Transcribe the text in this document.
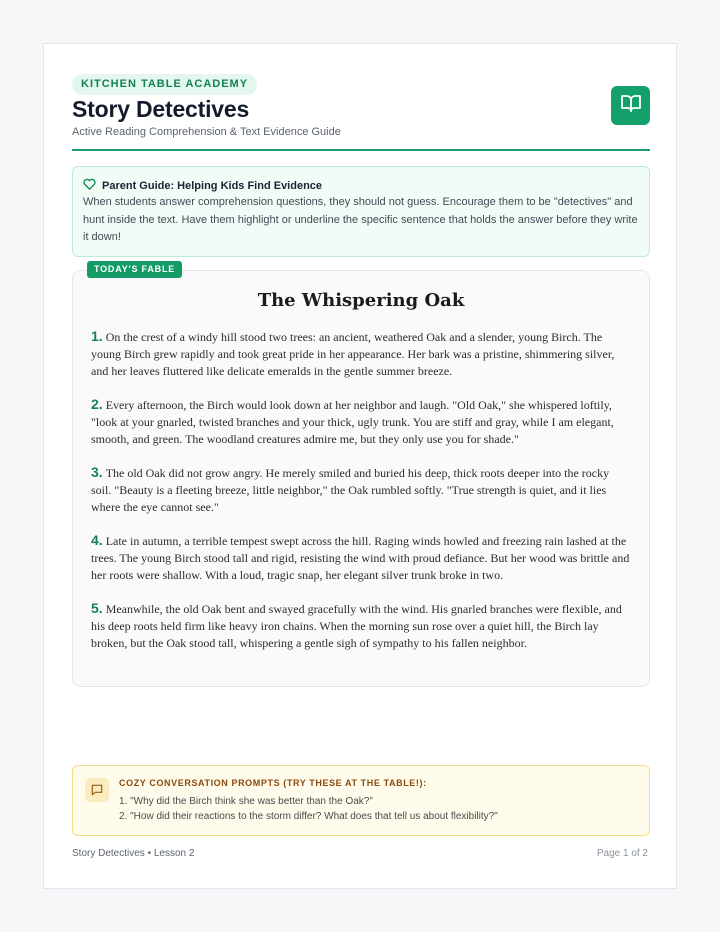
KITCHEN TABLE ACADEMY
Story Detectives
Active Reading Comprehension & Text Evidence Guide
Parent Guide: Helping Kids Find Evidence

When students answer comprehension questions, they should not guess. Encourage them to be "detectives" and hunt inside the text. Have them highlight or underline the specific sentence that holds the answer before they write it down!

TODAY'S FABLE
The Whispering Oak

1. On the crest of a windy hill stood two trees: an ancient, weathered Oak and a slender, young Birch. The young Birch grew rapidly and took great pride in her appearance. Her bark was a pristine, shimmering silver, and her leaves fluttered like delicate emeralds in the gentle summer breeze.

2. Every afternoon, the Birch would look down at her neighbor and laugh. "Old Oak," she whispered loftily, "look at your gnarled, twisted branches and your thick, ugly trunk. You are stiff and gray, while I am elegant, smooth, and green. The woodland creatures admire me, but they only use you for shade."

3. The old Oak did not grow angry. He merely smiled and buried his deep, thick roots deeper into the rocky soil. "Beauty is a fleeting breeze, little neighbor," the Oak rumbled softly. "True strength is quiet, and it lies where the eye cannot see."

4. Late in autumn, a terrible tempest swept across the hill. Raging winds howled and freezing rain lashed at the trees. The young Birch stood tall and rigid, resisting the wind with proud defiance. But her wood was brittle and her roots were shallow. With a loud, tragic snap, her elegant silver trunk broke in two.

5. Meanwhile, the old Oak bent and swayed gracefully with the wind. His gnarled branches were flexible, and his deep roots held firm like heavy iron chains. When the morning sun rose over a quiet hill, the Birch lay broken, but the Oak stood tall, whispering a gentle sigh of sympathy to his fallen neighbor.

COZY CONVERSATION PROMPTS (TRY THESE AT THE TABLE!):
1. "Why did the Birch think she was better than the Oak?"
2. "How did their reactions to the storm differ? What does that tell us about flexibility?"
Story Detectives • Lesson 2	Page 1 of 2
